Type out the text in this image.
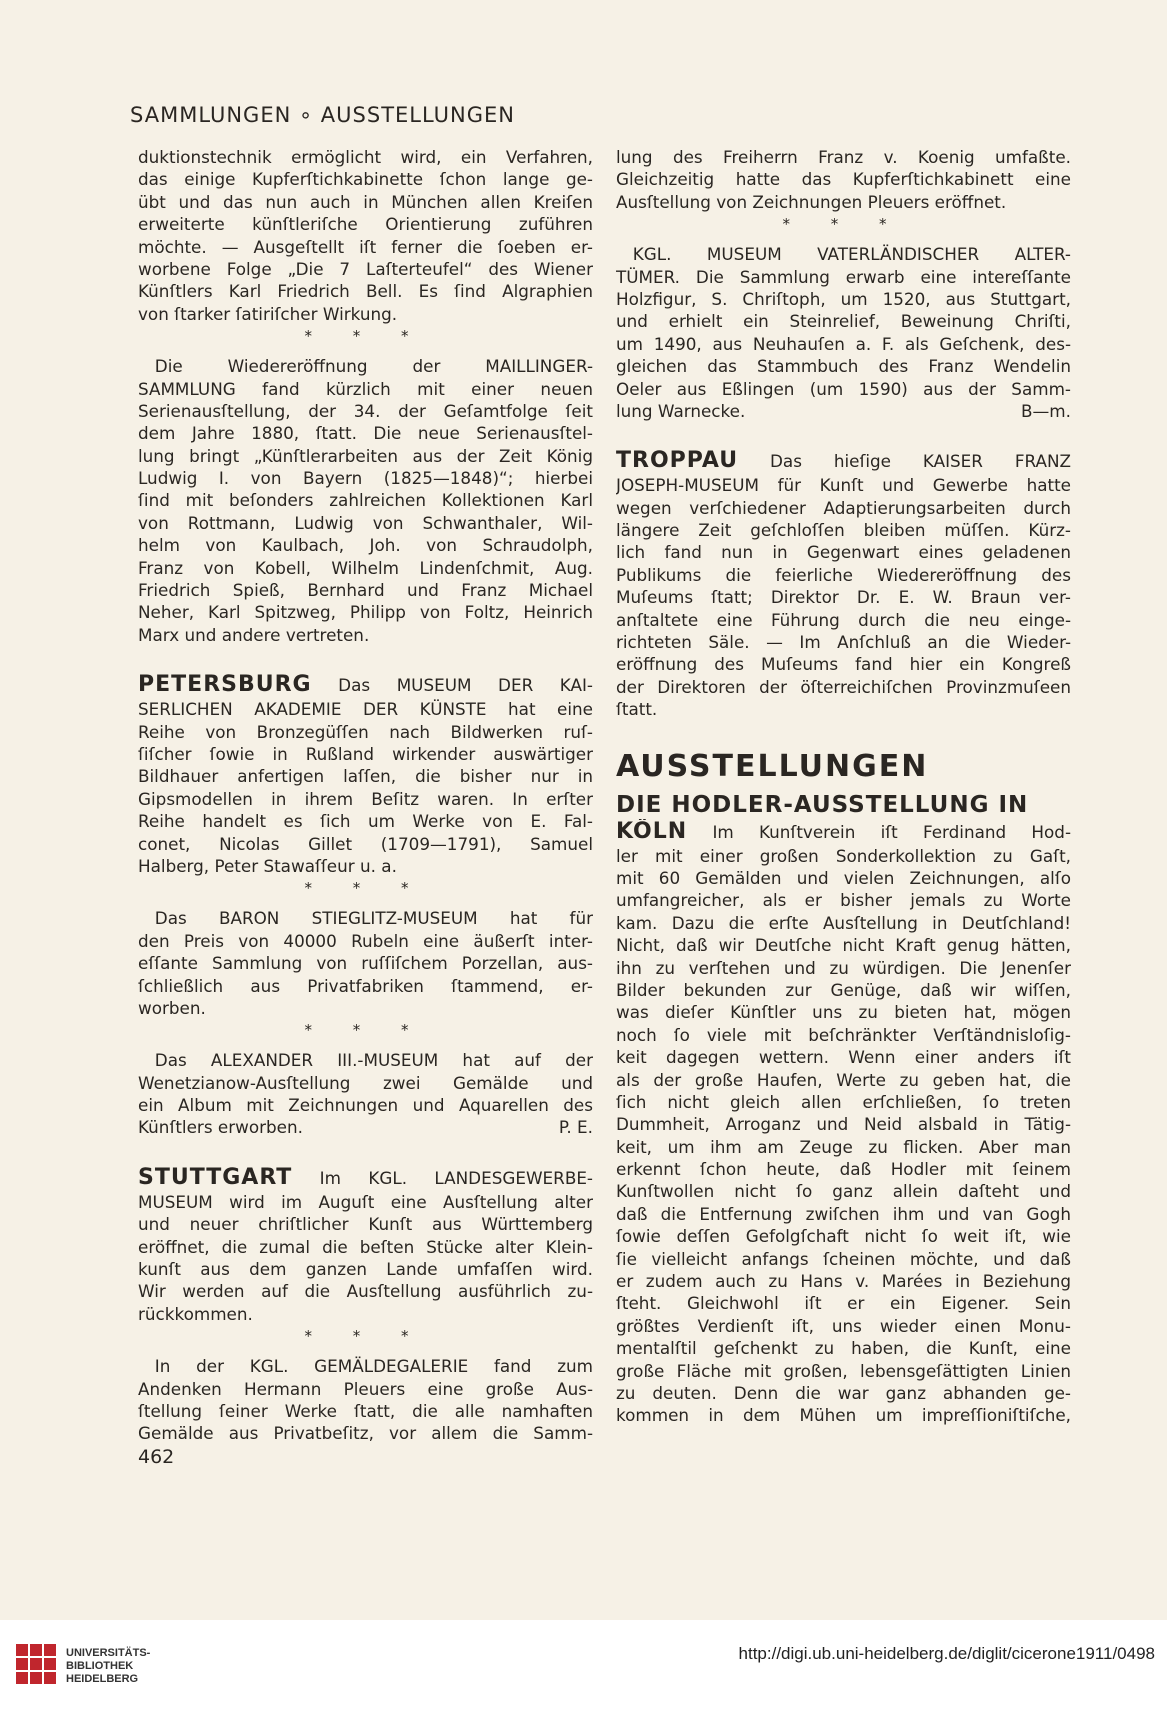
SAMMLUNGEN ∘ AUSSTELLUNGEN
duktionstechnik ermöglicht wird, ein Verfahren,
das einige Kupferſtichkabinette ſchon lange ge-
übt und das nun auch in München allen Kreiſen
erweiterte künſtleriſche Orientierung zuführen
möchte. — Ausgeſtellt iſt ferner die ſoeben er-
worbene Folge „Die 7 Laſterteufel“ des Wiener
Künſtlers Karl Friedrich Bell. Es ſind Algraphien
von ſtarker ſatiriſcher Wirkung.
* * *
 Die Wiedereröffnung der MAILLINGER-
SAMMLUNG fand kürzlich mit einer neuen
Serienausſtellung, der 34. der Geſamtfolge ſeit
dem Jahre 1880, ſtatt. Die neue Serienausſtel-
lung bringt „Künſtlerarbeiten aus der Zeit König
Ludwig I. von Bayern (1825—1848)“; hierbei
ſind mit beſonders zahlreichen Kollektionen Karl
von Rottmann, Ludwig von Schwanthaler, Wil-
helm von Kaulbach, Joh. von Schraudolph,
Franz von Kobell, Wilhelm Lindenſchmit, Aug.
Friedrich Spieß, Bernhard und Franz Michael
Neher, Karl Spitzweg, Philipp von Foltz, Heinrich
Marx und andere vertreten.
PETERSBURG Das MUSEUM DER KAI-
SERLICHEN AKADEMIE DER KÜNSTE hat eine
Reihe von Bronzegüſſen nach Bildwerken ruſ-
ſiſcher ſowie in Rußland wirkender auswärtiger
Bildhauer anfertigen laſſen, die bisher nur in
Gipsmodellen in ihrem Beſitz waren. In erſter
Reihe handelt es ſich um Werke von E. Fal-
conet, Nicolas Gillet (1709—1791), Samuel
Halberg, Peter Stawaſſeur u. a.
* * *
 Das BARON STIEGLITZ-MUSEUM hat für
den Preis von 40000 Rubeln eine äußerſt inter-
eſſante Sammlung von ruſſiſchem Porzellan, aus-
ſchließlich aus Privatfabriken ſtammend, er-
worben.
* * *
 Das ALEXANDER III.-MUSEUM hat auf der
Wenetzianow-Ausſtellung zwei Gemälde und
ein Album mit Zeichnungen und Aquarellen des
Künſtlers erworben.	P. E.
STUTTGART Im KGL. LANDESGEWERBE-
MUSEUM wird im Auguſt eine Ausſtellung alter
und neuer chriſtlicher Kunſt aus Württemberg
eröffnet, die zumal die beſten Stücke alter Klein-
kunſt aus dem ganzen Lande umfaſſen wird.
Wir werden auf die Ausſtellung ausführlich zu-
rückkommen.
* * *
 In der KGL. GEMÄLDEGALERIE fand zum
Andenken Hermann Pleuers eine große Aus-
ſtellung ſeiner Werke ſtatt, die alle namhaften
Gemälde aus Privatbeſitz, vor allem die Samm-
lung des Freiherrn Franz v. Koenig umfaßte.
Gleichzeitig hatte das Kupferſtichkabinett eine
Ausſtellung von Zeichnungen Pleuers eröffnet.
* * *
 KGL. MUSEUM VATERLÄNDISCHER ALTER-
TÜMER. Die Sammlung erwarb eine intereſſante
Holzfigur, S. Chriſtoph, um 1520, aus Stuttgart,
und erhielt ein Steinrelief, Beweinung Chriſti,
um 1490, aus Neuhauſen a. F. als Geſchenk, des-
gleichen das Stammbuch des Franz Wendelin
Oeler aus Eßlingen (um 1590) aus der Samm-
lung Warnecke.	B—m.
TROPPAU Das hieſige KAISER FRANZ
JOSEPH-MUSEUM für Kunſt und Gewerbe hatte
wegen verſchiedener Adaptierungsarbeiten durch
längere Zeit geſchloſſen bleiben müſſen. Kürz-
lich fand nun in Gegenwart eines geladenen
Publikums die feierliche Wiedereröffnung des
Muſeums ſtatt; Direktor Dr. E. W. Braun ver-
anſtaltete eine Führung durch die neu einge-
richteten Säle. — Im Anſchluß an die Wieder-
eröffnung des Muſeums fand hier ein Kongreß
der Direktoren der öſterreichiſchen Provinzmuſeen
ſtatt.
AUSSTELLUNGEN
DIE HODLER-AUSSTELLUNG IN
KÖLN Im Kunſtverein iſt Ferdinand Hod-
ler mit einer großen Sonderkollektion zu Gaſt,
mit 60 Gemälden und vielen Zeichnungen, alſo
umfangreicher, als er bisher jemals zu Worte
kam. Dazu die erſte Ausſtellung in Deutſchland!
Nicht, daß wir Deutſche nicht Kraft genug hätten,
ihn zu verſtehen und zu würdigen. Die Jenenſer
Bilder bekunden zur Genüge, daß wir wiſſen,
was dieſer Künſtler uns zu bieten hat, mögen
noch ſo viele mit beſchränkter Verſtändnisloſig-
keit dagegen wettern. Wenn einer anders iſt
als der große Haufen, Werte zu geben hat, die
ſich nicht gleich allen erſchließen, ſo treten
Dummheit, Arroganz und Neid alsbald in Tätig-
keit, um ihm am Zeuge zu flicken. Aber man
erkennt ſchon heute, daß Hodler mit ſeinem
Kunſtwollen nicht ſo ganz allein daſteht und
daß die Entfernung zwiſchen ihm und van Gogh
ſowie deſſen Gefolgſchaft nicht ſo weit iſt, wie
ſie vielleicht anfangs ſcheinen möchte, und daß
er zudem auch zu Hans v. Marées in Beziehung
ſteht. Gleichwohl iſt er ein Eigener. Sein
größtes Verdienſt iſt, uns wieder einen Monu-
mentalſtil geſchenkt zu haben, die Kunſt, eine
große Fläche mit großen, lebensgeſättigten Linien
zu deuten. Denn die war ganz abhanden ge-
kommen in dem Mühen um impreſſioniſtiſche,
462
UNIVERSITÄTS-
BIBLIOTHEK
HEIDELBERG
http://digi.ub.uni-heidelberg.de/diglit/cicerone1911/0498
